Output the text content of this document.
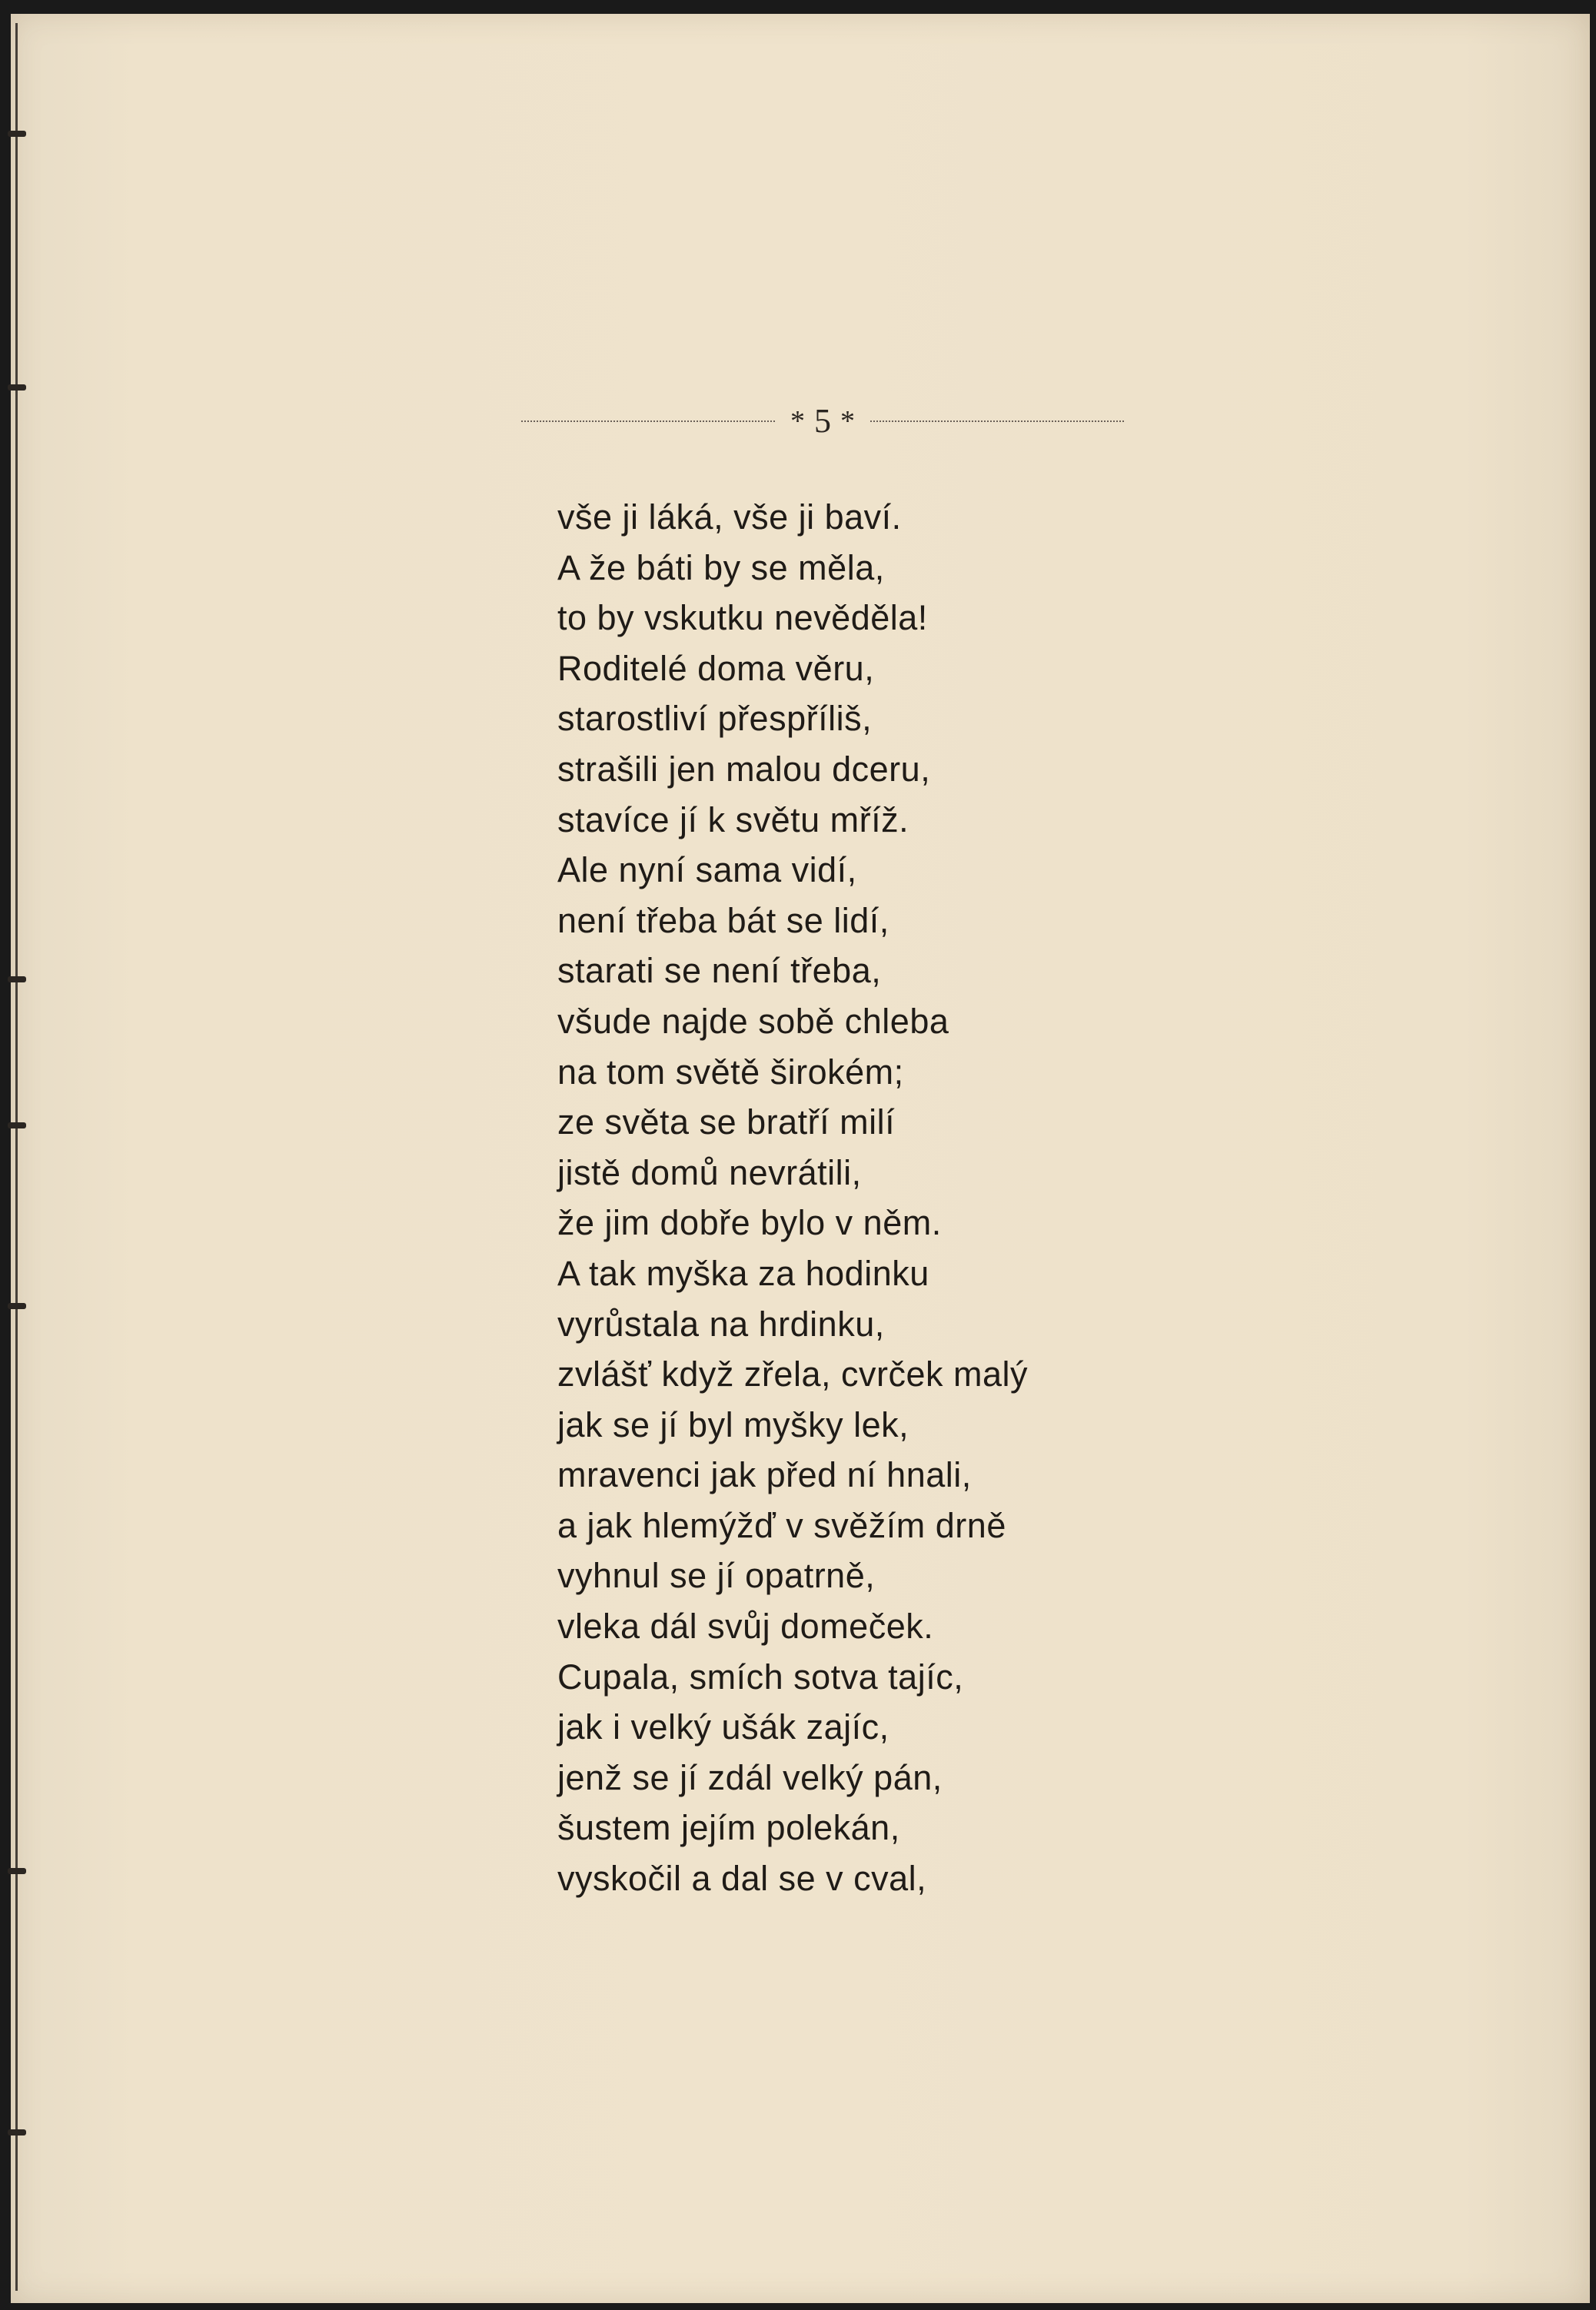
* 5 *

vše ji láká, vše ji baví.

A že báti by se měla,

to by vskutku nevěděla!

Roditelé doma věru,

starostliví přespříliš,

strašili jen malou dceru,

stavíce jí k světu mříž.

Ale nyní sama vidí,

není třeba bát se lidí,

starati se není třeba,

všude najde sobě chleba

na tom světě širokém;

ze světa se bratří milí

jistě domů nevrátili,

že jim dobře bylo v něm.

A tak myška za hodinku

vyrůstala na hrdinku,

zvlášť když zřela, cvrček malý

jak se jí byl myšky lek,

mravenci jak před ní hnali,

a jak hlemýžď v svěžím drně

vyhnul se jí opatrně,

vleka dál svůj domeček.

Cupala, smích sotva tajíc,

jak i velký ušák zajíc,

jenž se jí zdál velký pán,

šustem jejím polekán,

vyskočil a dal se v cval,
